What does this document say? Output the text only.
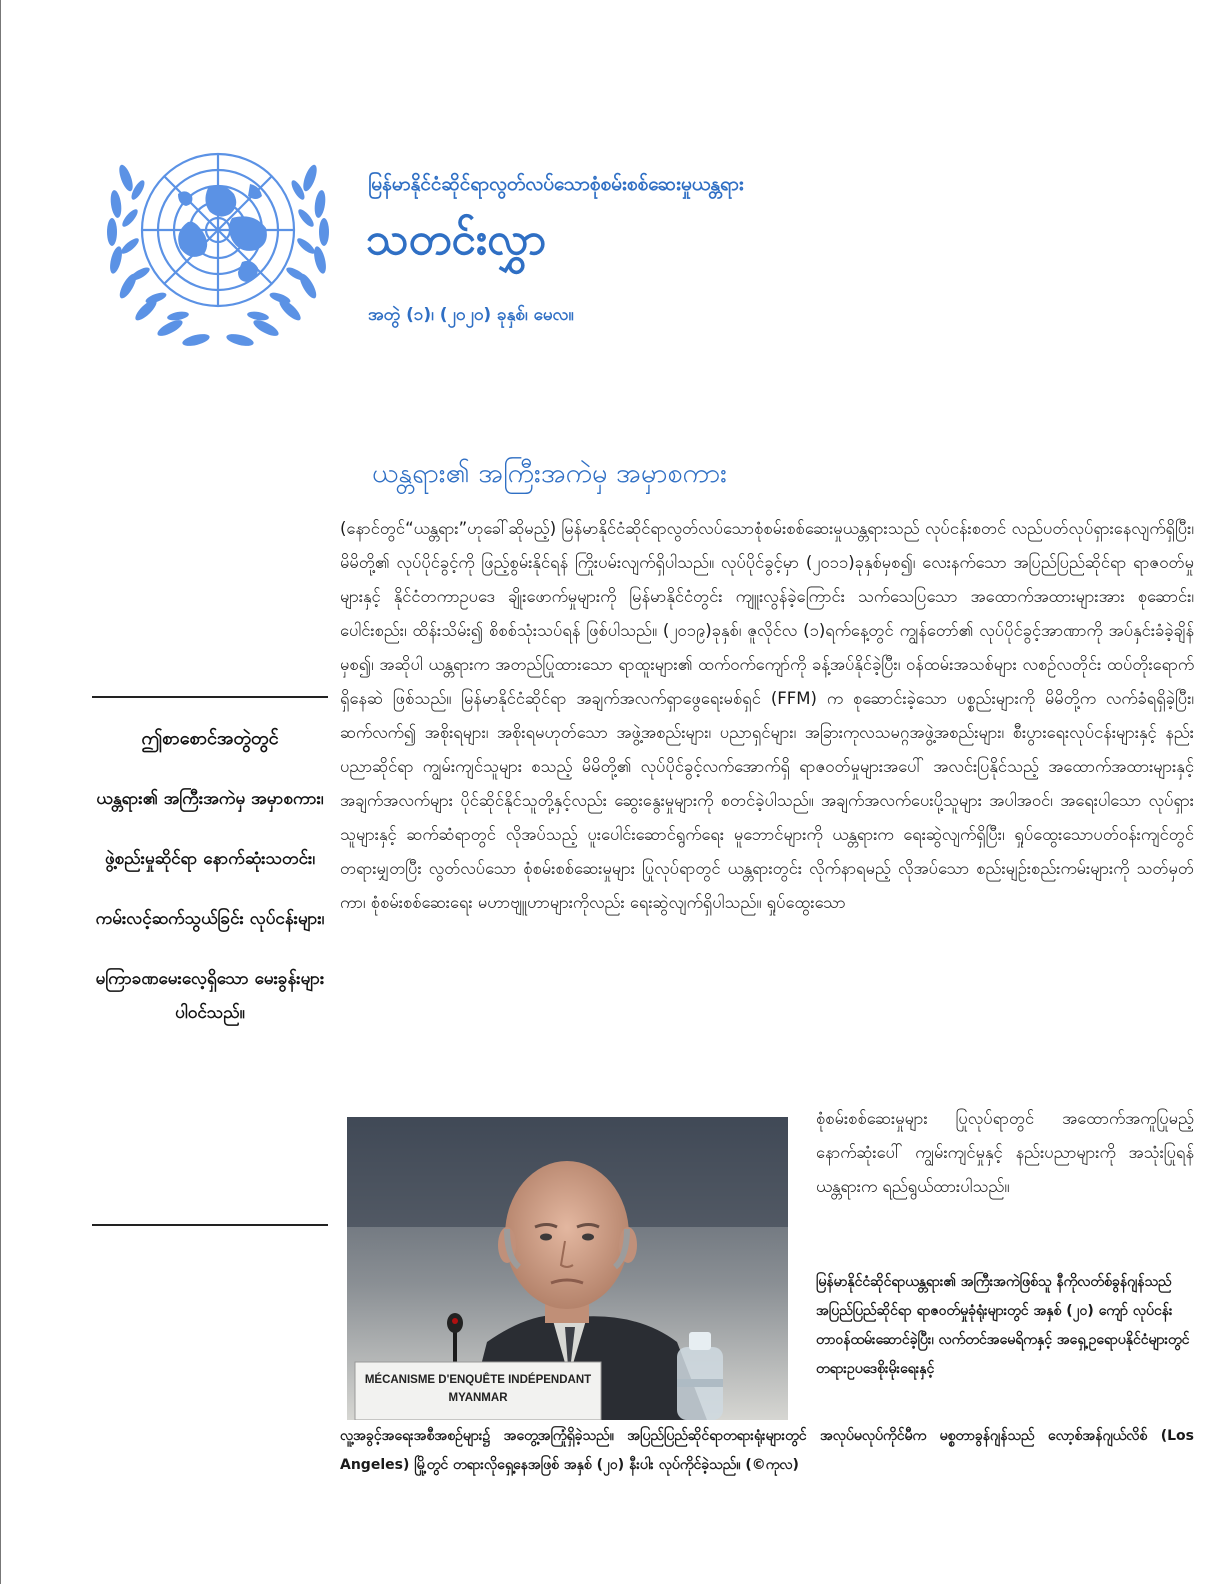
မြန်မာနိုင်ငံဆိုင်ရာလွတ်လပ်သောစုံစမ်းစစ်ဆေးမှုယန္တရား
သတင်းလွှာ
အတွဲ (၁)၊ (၂၀၂၀) ခုနှစ်၊ မေလ။
ယန္တရား၏ အကြီးအကဲမှ အမှာစကား
(နောင်တွင်“ယန္တရား”ဟုခေါ်ဆိုမည့်) မြန်မာနိုင်ငံဆိုင်ရာလွတ်လပ်သောစုံစမ်းစစ်ဆေးမှုယန္တရားသည် လုပ်ငန်းစတင် လည်ပတ်လုပ်ရှားနေလျက်ရှိပြီး၊ မိမိတို့၏ လုပ်ပိုင်ခွင့်ကို ဖြည့်စွမ်းနိုင်ရန် ကြိုးပမ်းလျက်ရှိပါသည်။ လုပ်ပိုင်ခွင့်မှာ (၂၀၁၁)ခုနှစ်မှစ၍၊ လေးနက်သော အပြည်ပြည်ဆိုင်ရာ ရာဇဝတ်မှုများနှင့် နိုင်ငံတကာဥပဒေ ချိုးဖောက်မှုများကို မြန်မာနိုင်ငံတွင်း ကျူးလွန်ခဲ့ကြောင်း သက်သေပြသော အထောက်အထားများအား စုဆောင်း၊ ပေါင်းစည်း၊ ထိန်းသိမ်း၍ စိစစ်သုံးသပ်ရန် ဖြစ်ပါသည်။ (၂၀၁၉)ခုနှစ်၊ ဇူလိုင်လ (၁)ရက်နေ့တွင် ကျွန်တော်၏ လုပ်ပိုင်ခွင့်အာဏာကို အပ်နှင်းခံခဲ့ချိန်မှစ၍၊ အဆိုပါ ယန္တရားက အတည်ပြုထားသော ရာထူးများ၏ ထက်ဝက်ကျော်ကို ခန့်အပ်နိုင်ခဲ့ပြီး၊ ဝန်ထမ်းအသစ်များ လစဉ်လတိုင်း ထပ်တိုးရောက်ရှိနေဆဲ ဖြစ်သည်။ မြန်မာနိုင်ငံဆိုင်ရာ အချက်အလက်ရှာဖွေရေးမစ်ရှင် (FFM) က စုဆောင်းခဲ့သော ပစ္စည်းများကို မိမိတို့က လက်ခံရရှိခဲ့ပြီး၊ ဆက်လက်၍ အစိုးရများ၊ အစိုးရမဟုတ်သော အဖွဲ့အစည်းများ၊ ပညာရှင်များ၊ အခြားကုလသမဂ္ဂအဖွဲ့အစည်းများ၊ စီးပွားရေးလုပ်ငန်းများနှင့် နည်းပညာဆိုင်ရာ ကျွမ်းကျင်သူများ စသည့် မိမိတို့၏ လုပ်ပိုင်ခွင့်လက်အောက်ရှိ ရာဇဝတ်မှုများအပေါ် အလင်းပြနိုင်သည့် အထောက်အထားများနှင့် အချက်အလက်များ ပိုင်ဆိုင်နိုင်သူတို့နှင့်လည်း ဆွေးနွေးမှုများကို စတင်ခဲ့ပါသည်။ အချက်အလက်ပေးပို့သူများ အပါအဝင်၊ အရေးပါသော လုပ်ရှားသူများနှင့် ဆက်ဆံရာတွင် လိုအပ်သည့် ပူးပေါင်းဆောင်ရွက်ရေး မူဘောင်များကို ယန္တရားက ရေးဆွဲလျက်ရှိပြီး၊ ရှုပ်ထွေးသောပတ်ဝန်းကျင်တွင် တရားမျှတပြီး လွတ်လပ်သော စုံစမ်းစစ်ဆေးမှုများ ပြုလုပ်ရာတွင် ယန္တရားတွင်း လိုက်နာရမည့် လိုအပ်သော စည်းမျဉ်းစည်းကမ်းများကို သတ်မှတ်ကာ၊ စုံစမ်းစစ်ဆေးရေး မဟာဗျူဟာများကိုလည်း ရေးဆွဲလျက်ရှိပါသည်။ ရှုပ်ထွေးသော
စုံစမ်းစစ်ဆေးမှုများ ပြုလုပ်ရာတွင် အထောက်အကူပြုမည့် နောက်ဆုံးပေါ် ကျွမ်းကျင်မှုနှင့် နည်းပညာများကို အသုံးပြုရန် ယန္တရားက ရည်ရွယ်ထားပါသည်။
ဤစာစောင်အတွဲတွင်
ယန္တရား၏ အကြီးအကဲမှ အမှာစကား၊
ဖွဲ့စည်းမှုဆိုင်ရာ နောက်ဆုံးသတင်း၊
ကမ်းလင့်ဆက်သွယ်ခြင်း လုပ်ငန်းများ၊
မကြာခဏမေးလေ့ရှိသော မေးခွန်းများ ပါဝင်သည်။
MÉCANISME D'ENQUÊTE INDÉPENDANT
MYANMAR
မြန်မာနိုင်ငံဆိုင်ရာယန္တရား၏ အကြီးအကဲဖြစ်သူ နီကိုလတ်စ်ခွန်ဂျန်သည် အပြည်ပြည်ဆိုင်ရာ ရာဇဝတ်မှုခုံရုံးများတွင် အနှစ် (၂၀) ကျော် လုပ်ငန်းတာဝန်ထမ်းဆောင်ခဲ့ပြီး၊ လက်တင်အမေရိကနှင့် အရှေ့ဥရောပနိုင်ငံများတွင် တရားဥပဒေစိုးမိုးရေးနှင့်
လူ့အခွင့်အရေးအစီအစဉ်များ၌ အတွေ့အကြုံရှိခဲ့သည်။ အပြည်ပြည်ဆိုင်ရာတရားရုံးများတွင် အလုပ်မလုပ်ကိုင်မီက မစ္စတာခွန်ဂျန်သည် လော့စ်အန်ဂျယ်လိစ် (Los Angeles) မြို့တွင် တရားလိုရှေ့နေအဖြစ် အနှစ် (၂၀) နီးပါး လုပ်ကိုင်ခဲ့သည်။ (©ကုလ)
